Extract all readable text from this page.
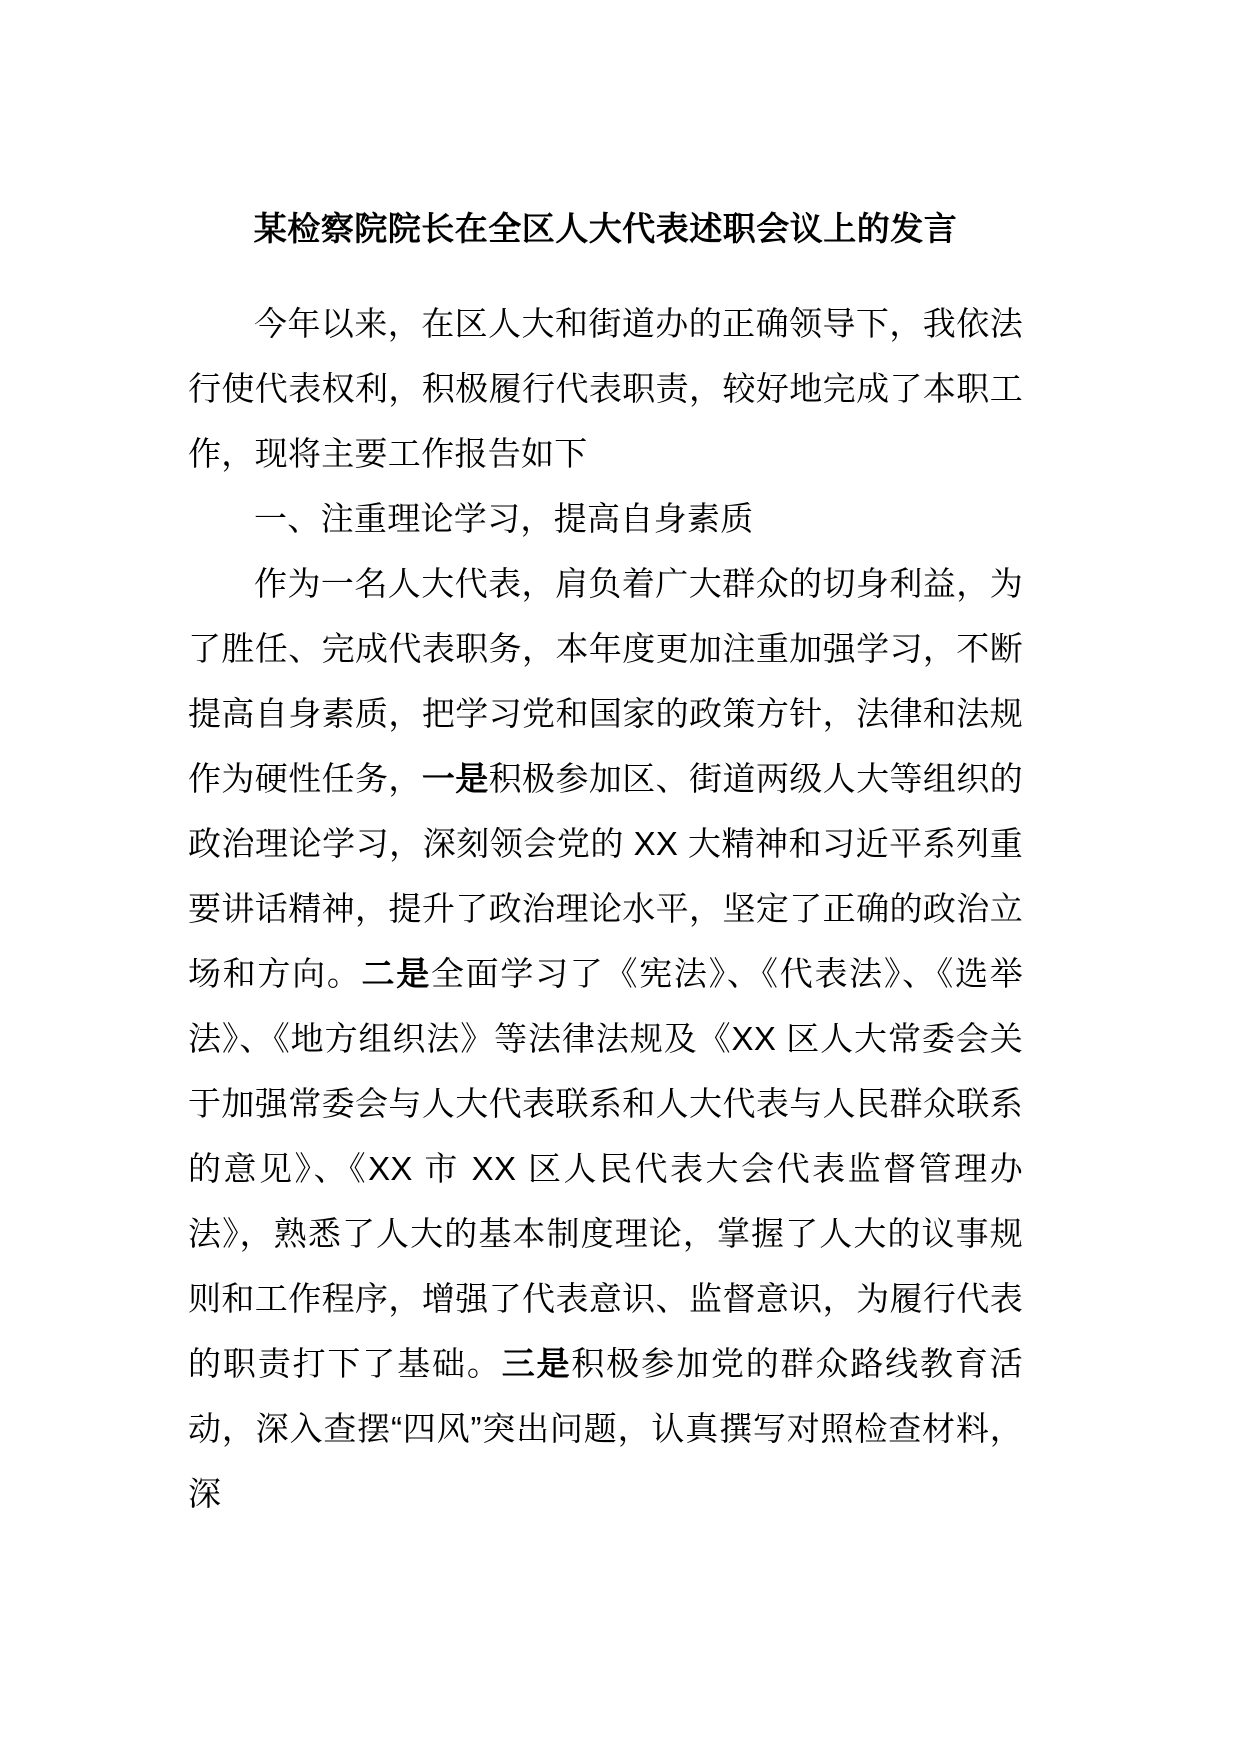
某检察院院长在全区人大代表述职会议上的发言

今年以来，在区人大和街道办的正确领导下，我依法行使代表权利，积极履行代表职责，较好地完成了本职工作，现将主要工作报告如下

一、注重理论学习，提高自身素质

作为一名人大代表，肩负着广大群众的切身利益，为了胜任、完成代表职务，本年度更加注重加强学习，不断提高自身素质，把学习党和国家的政策方针，法律和法规作为硬性任务，一是积极参加区、街道两级人大等组织的政治理论学习，深刻领会党的 XX 大精神和习近平系列重要讲话精神，提升了政治理论水平，坚定了正确的政治立场和方向。二是全面学习了《宪法》、《代表法》、《选举法》、《地方组织法》等法律法规及《XX 区人大常委会关于加强常委会与人大代表联系和人大代表与人民群众联系的意见》、《XX 市 XX 区人民代表大会代表监督管理办法》，熟悉了人大的基本制度理论，掌握了人大的议事规则和工作程序，增强了代表意识、监督意识，为履行代表的职责打下了基础。三是积极参加党的群众路线教育活动，深入查摆“四风”突出问题，认真撰写对照检查材料，深
